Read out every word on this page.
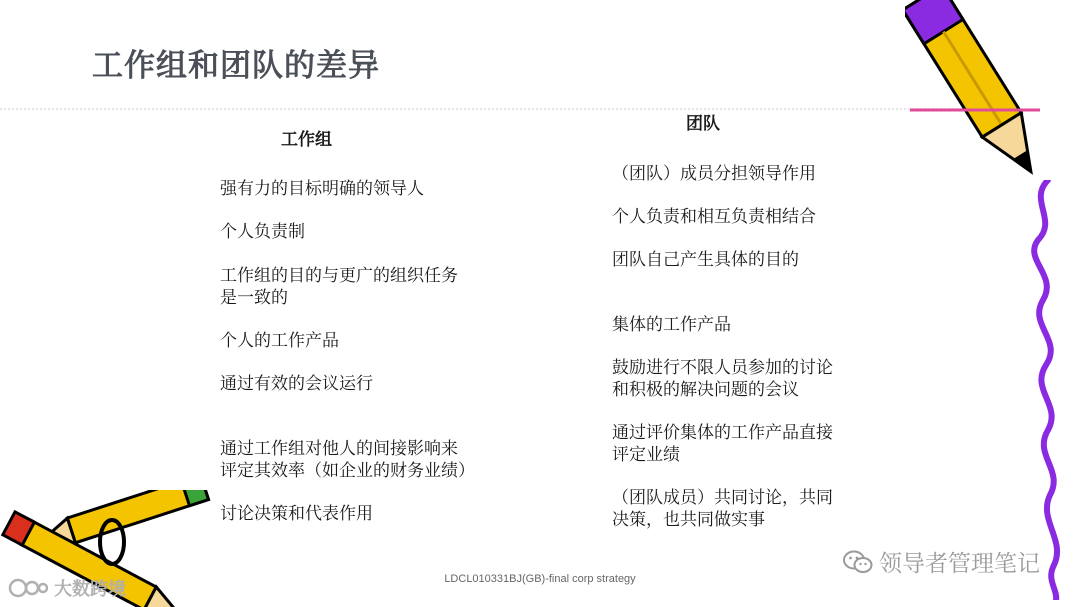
工作组和团队的差异
工作组
强有力的目标明确的领导人
个人负责制
工作组的目的与更广的组织任务
是一致的
个人的工作产品
通过有效的会议运行
通过工作组对他人的间接影响来
评定其效率（如企业的财务业绩）
讨论决策和代表作用
团队
（团队）成员分担领导作用
个人负责和相互负责相结合
团队自己产生具体的目的
集体的工作产品
鼓励进行不限人员参加的讨论
和积极的解决问题的会议
通过评价集体的工作产品直接
评定业绩
（团队成员）共同讨论，共同
决策，也共同做实事
LDCL010331BJ(GB)-final corp strategy
领导者管理笔记
大数跨境
